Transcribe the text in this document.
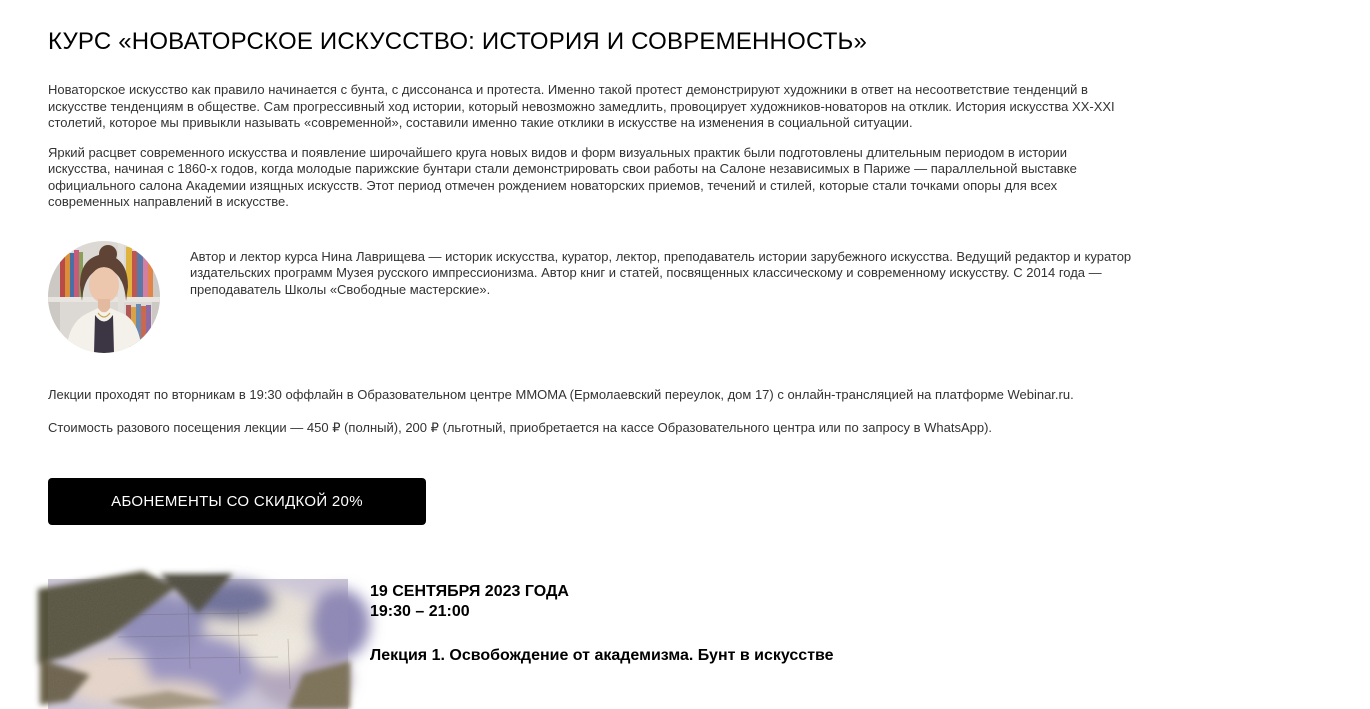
КУРС «НОВАТОРСКОЕ ИСКУССТВО: ИСТОРИЯ И СОВРЕМЕННОСТЬ»

Новаторское искусство как правило начинается с бунта, с диссонанса и протеста. Именно такой протест демонстрируют художники в ответ на несоответствие тенденций в искусстве тенденциям в обществе. Сам прогрессивный ход истории, который невозможно замедлить, провоцирует художников-новаторов на отклик. История искусства XX-XXI столетий, которое мы привыкли называть «современной», составили именно такие отклики в искусстве на изменения в социальной ситуации.

Яркий расцвет современного искусства и появление широчайшего круга новых видов и форм визуальных практик были подготовлены длительным периодом в истории искусства, начиная с 1860-х годов, когда молодые парижские бунтари стали демонстрировать свои работы на Салоне независимых в Париже — параллельной выставке официального салона Академии изящных искусств. Этот период отмечен рождением новаторских приемов, течений и стилей, которые стали точками опоры для всех современных направлений в искусстве.

Автор и лектор курса Нина Лаврищева — историк искусства, куратор, лектор, преподаватель истории зарубежного искусства. Ведущий редактор и куратор издательских программ Музея русского импрессионизма. Автор книг и статей, посвященных классическому и современному искусству. С 2014 года — преподаватель Школы «Свободные мастерские».

Лекции проходят по вторникам в 19:30 оффлайн в Образовательном центре MMOMA (Ермолаевский переулок, дом 17) с онлайн-трансляцией на платформе Webinar.ru.

Стоимость разового посещения лекции — 450 ₽ (полный), 200 ₽ (льготный, приобретается на кассе Образовательного центра или по запросу в WhatsApp).

АБОНЕМЕНТЫ СО СКИДКОЙ 20%
19 СЕНТЯБРЯ 2023 ГОДА
19:30 – 21:00
Лекция 1. Освобождение от академизма. Бунт в искусстве
